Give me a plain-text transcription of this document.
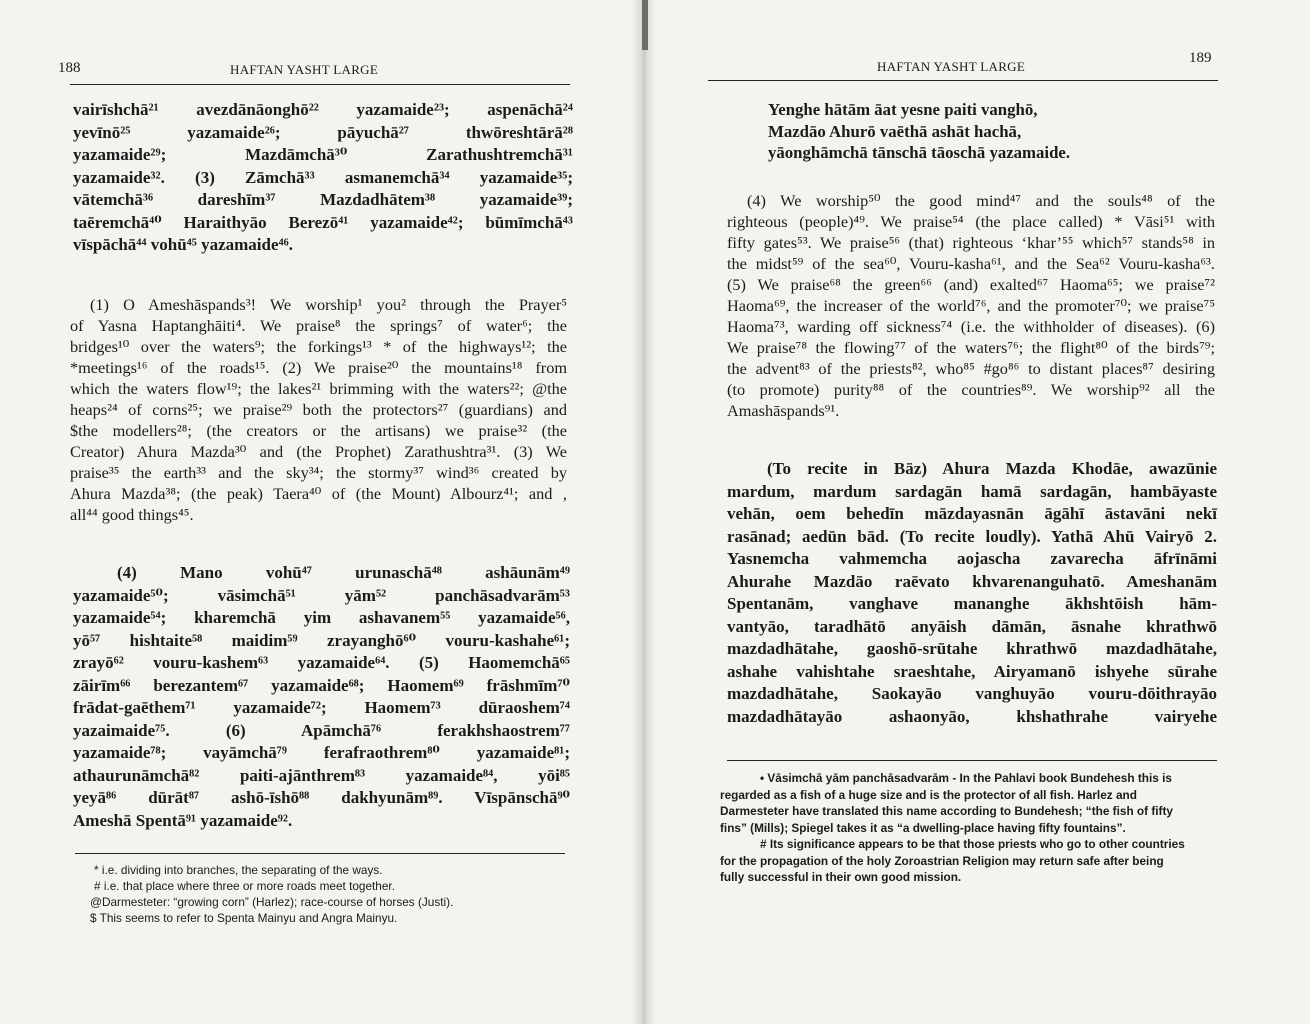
188	HAFTAN YASHT LARGE
vairīshchā²¹ avezdānāonghō²² yazamaide²³; aspenāchā²⁴
yevīnō²⁵ yazamaide²⁶; pāyuchā²⁷ thwōreshtārā²⁸
yazamaide²⁹; Mazdāmchā³⁰ Zarathushtremchā³¹
yazamaide³². (3) Zāmchā³³ asmanemchā³⁴ yazamaide³⁵;
vātemchā³⁶ dareshīm³⁷ Mazdadhātem³⁸ yazamaide³⁹;
taēremchā⁴⁰ Haraithyāo Berezō⁴¹ yazamaide⁴²; būmīmchā⁴³
vīspāchā⁴⁴ vohū⁴⁵ yazamaide⁴⁶.
(1) O Ameshāspands³! We worship¹ you² through the Prayer⁵
of Yasna Haptanghāiti⁴. We praise⁸ the springs⁷ of water⁶; the
bridges¹⁰ over the waters⁹; the forkings¹³ * of the highways¹²; the
*meetings¹⁶ of the roads¹⁵. (2) We praise²⁰ the mountains¹⁸ from
which the waters flow¹⁹; the lakes²¹ brimming with the waters²²; @the
heaps²⁴ of corns²⁵; we praise²⁹ both the protectors²⁷ (guardians) and
$the modellers²⁸; (the creators or the artisans) we praise³² (the
Creator) Ahura Mazda³⁰ and (the Prophet) Zarathushtra³¹. (3) We
praise³⁵ the earth³³ and the sky³⁴; the stormy³⁷ wind³⁶ created by
Ahura Mazda³⁸; (the peak) Taera⁴⁰ of (the Mount) Albourz⁴¹; and ,
all⁴⁴ good things⁴⁵.
(4) Mano vohū⁴⁷ urunaschā⁴⁸ ashāunām⁴⁹
yazamaide⁵⁰; vāsimchā⁵¹ yām⁵² panchāsadvarām⁵³
yazamaide⁵⁴; kharemchā yim ashavanem⁵⁵ yazamaide⁵⁶,
yō⁵⁷ hishtaite⁵⁸ maidim⁵⁹ zrayanghō⁶⁰ vouru-kashahe⁶¹;
zrayō⁶² vouru-kashem⁶³ yazamaide⁶⁴. (5) Haomemchā⁶⁵
zāirīm⁶⁶ berezantem⁶⁷ yazamaide⁶⁸; Haomem⁶⁹ frāshmīm⁷⁰
frādat-gaēthem⁷¹ yazamaide⁷²; Haomem⁷³ dūraoshem⁷⁴
yazaimaide⁷⁵. (6) Apāmchā⁷⁶ ferakhshaostrem⁷⁷
yazamaide⁷⁸; vayāmchā⁷⁹ ferafraothrem⁸⁰ yazamaide⁸¹;
athaurunāmchā⁸² paiti-ajānthrem⁸³ yazamaide⁸⁴, yōi⁸⁵
yeyā⁸⁶ dūrāt⁸⁷ ashō-īshō⁸⁸ dakhyunām⁸⁹. Vīspānschā⁹⁰
Ameshā Spentā⁹¹ yazamaide⁹².
* i.e. dividing into branches, the separating of the ways.
# i.e. that place where three or more roads meet together.
@Darmesteter: “growing corn” (Harlez); race-course of horses (Justi).
$ This seems to refer to Spenta Mainyu and Angra Mainyu.
HAFTAN YASHT LARGE
189
Yenghe hātām āat yesne paiti vanghō,
Mazdāo Ahurō vaēthā ashāt hachā,
yāonghāmchā tānschā tāoschā yazamaide.
(4) We worship⁵⁰ the good mind⁴⁷ and the souls⁴⁸ of the
righteous (people)⁴⁹. We praise⁵⁴ (the place called) * Vāsi⁵¹ with
fifty gates⁵³. We praise⁵⁶ (that) righteous ‘khar’⁵⁵ which⁵⁷ stands⁵⁸ in
the midst⁵⁹ of the sea⁶⁰, Vouru-kasha⁶¹, and the Sea⁶² Vouru-kasha⁶³.
(5) We praise⁶⁸ the green⁶⁶ (and) exalted⁶⁷ Haoma⁶⁵; we praise⁷²
Haoma⁶⁹, the increaser of the world⁷⁶, and the promoter⁷⁰; we praise⁷⁵
Haoma⁷³, warding off sickness⁷⁴ (i.e. the withholder of diseases). (6)
We praise⁷⁸ the flowing⁷⁷ of the waters⁷⁶; the flight⁸⁰ of the birds⁷⁹;
the advent⁸³ of the priests⁸², who⁸⁵ #go⁸⁶ to distant places⁸⁷ desiring
(to promote) purity⁸⁸ of the countries⁸⁹. We worship⁹² all the
Amashāspands⁹¹.
(To recite in Bāz) Ahura Mazda Khodāe, awazūnie
mardum, mardum sardagān hamā sardagān, hambāyaste
vehān, oem behedīn māzdayasnān āgāhī āstavāni nekī
rasānad; aedūn bād. (To recite loudly). Yathā Ahū Vairyō 2.
Yasnemcha vahmemcha aojascha zavarecha āfrīnāmi
Ahurahe Mazdāo raēvato khvarenanguhatō. Ameshanām
Spentanām, vanghave mananghe ākhshtōish hām-
vantyāo, taradhātō anyāish dāmān, āsnahe khrathwō
mazdadhātahe, gaoshō-srūtahe khrathwō mazdadhātahe,
ashahe vahishtahe sraeshtahe, Airyamanō ishyehe sūrahe
mazdadhātahe, Saokayāo vanghuyāo vouru-dōithrayāo
mazdadhātayāo ashaonyāo, khshathrahe vairyehe
• Vāsimchā yām panchāsadvarām - In the Pahlavi book Bundehesh this is
regarded as a fish of a huge size and is the protector of all fish. Harlez and
Darmesteter have translated this name according to Bundehesh; “the fish of fifty
fins” (Mills); Spiegel takes it as “a dwelling-place having fifty fountains”.
# Its significance appears to be that those priests who go to other countries
for the propagation of the holy Zoroastrian Religion may return safe after being
fully successful in their own good mission.
